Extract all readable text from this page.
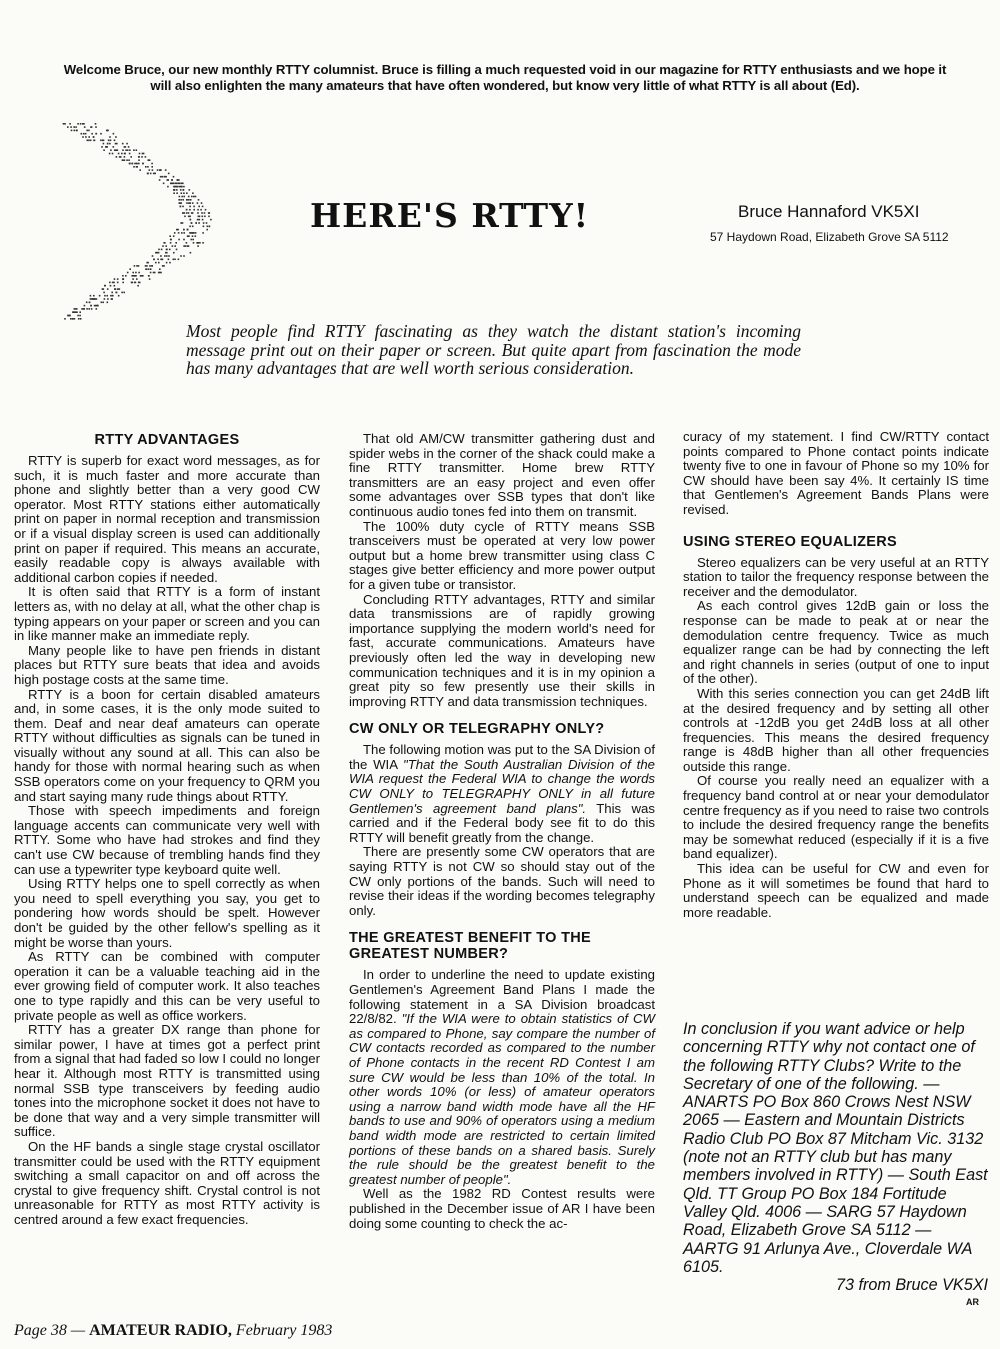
Welcome Bruce, our new monthly RTTY columnist. Bruce is filling a much requested void in our magazine for RTTY enthusiasts and we hope it will also enlighten the many amateurs that have often wondered, but know very little of what RTTY is all about (Ed).
HERE'S RTTY!	Bruce Hannaford VK5XI
57 Haydown Road, Elizabeth Grove SA 5112
Most people find RTTY fascinating as they watch the distant station's incoming message print out on their paper or screen. But quite apart from fascination the mode has many advantages that are well worth serious consideration.
RTTY ADVANTAGES

RTTY is superb for exact word messages, as for such, it is much faster and more accurate than phone and slightly better than a very good CW operator. Most RTTY stations either automatically print on paper in normal reception and transmission or if a visual display screen is used can additionally print on paper if required. This means an accurate, easily readable copy is always available with additional carbon copies if needed.

It is often said that RTTY is a form of instant letters as, with no delay at all, what the other chap is typing appears on your paper or screen and you can in like manner make an immediate reply.

Many people like to have pen friends in distant places but RTTY sure beats that idea and avoids high postage costs at the same time.

RTTY is a boon for certain disabled amateurs and, in some cases, it is the only mode suited to them. Deaf and near deaf amateurs can operate RTTY without difficulties as signals can be tuned in visually without any sound at all. This can also be handy for those with normal hearing such as when SSB operators come on your frequency to QRM you and start saying many rude things about RTTY.

Those with speech impediments and foreign language accents can communicate very well with RTTY. Some who have had strokes and find they can't use CW because of trembling hands find they can use a typewriter type keyboard quite well.

Using RTTY helps one to spell correctly as when you need to spell everything you say, you get to pondering how words should be spelt. However don't be guided by the other fellow's spelling as it might be worse than yours.

As RTTY can be combined with computer operation it can be a valuable teaching aid in the ever growing field of computer work. It also teaches one to type rapidly and this can be very useful to private people as well as office workers.

RTTY has a greater DX range than phone for similar power, I have at times got a perfect print from a signal that had faded so low I could no longer hear it. Although most RTTY is transmitted using normal SSB type transceivers by feeding audio tones into the microphone socket it does not have to be done that way and a very simple transmitter will suffice.

On the HF bands a single stage crystal oscillator transmitter could be used with the RTTY equipment switching a small capacitor on and off across the crystal to give frequency shift. Crystal control is not unreasonable for RTTY as most RTTY activity is centred around a few exact frequencies.

That old AM/CW transmitter gathering dust and spider webs in the corner of the shack could make a fine RTTY transmitter. Home brew RTTY transmitters are an easy project and even offer some advantages over SSB types that don't like continuous audio tones fed into them on transmit.

The 100% duty cycle of RTTY means SSB transceivers must be operated at very low power output but a home brew transmitter using class C stages give better efficiency and more power output for a given tube or transistor.

Concluding RTTY advantages, RTTY and similar data transmissions are of rapidly growing importance supplying the modern world's need for fast, accurate communications. Amateurs have previously often led the way in developing new communication techniques and it is in my opinion a great pity so few presently use their skills in improving RTTY and data transmission techniques.

CW ONLY OR TELEGRAPHY ONLY?

The following motion was put to the SA Division of the WIA "That the South Australian Division of the WIA request the Federal WIA to change the words CW ONLY to TELEGRAPHY ONLY in all future Gentlemen's agreement band plans". This was carried and if the Federal body see fit to do this RTTY will benefit greatly from the change.

There are presently some CW operators that are saying RTTY is not CW so should stay out of the CW only portions of the bands. Such will need to revise their ideas if the wording becomes telegraphy only.

THE GREATEST BENEFIT TO THE GREATEST NUMBER?

In order to underline the need to update existing Gentlemen's Agreement Band Plans I made the following statement in a SA Division broadcast 22/8/82. "If the WIA were to obtain statistics of CW as compared to Phone, say compare the number of CW contacts recorded as compared to the number of Phone contacts in the recent RD Contest I am sure CW would be less than 10% of the total. In other words 10% (or less) of amateur operators using a narrow band width mode have all the HF bands to use and 90% of operators using a medium band width mode are restricted to certain limited portions of these bands on a shared basis. Surely the rule should be the greatest benefit to the greatest number of people".

Well as the 1982 RD Contest results were published in the December issue of AR I have been doing some counting to check the ac-

curacy of my statement. I find CW/RTTY contact points compared to Phone contact points indicate twenty five to one in favour of Phone so my 10% for CW should have been say 4%. It certainly IS time that Gentlemen's Agreement Bands Plans were revised.

USING STEREO EQUALIZERS

Stereo equalizers can be very useful at an RTTY station to tailor the frequency response between the receiver and the demodulator.

As each control gives 12dB gain or loss the response can be made to peak at or near the demodulation centre frequency. Twice as much equalizer range can be had by connecting the left and right channels in series (output of one to input of the other).

With this series connection you can get 24dB lift at the desired frequency and by setting all other controls at -12dB you get 24dB loss at all other frequencies. This means the desired frequency range is 48dB higher than all other frequencies outside this range.

Of course you really need an equalizer with a frequency band control at or near your demodulator centre frequency as if you need to raise two controls to include the desired frequency range the benefits may be somewhat reduced (especially if it is a five band equalizer).

This idea can be useful for CW and even for Phone as it will sometimes be found that hard to understand speech can be equalized and made more readable.

In conclusion if you want advice or help concerning RTTY why not contact one of the following RTTY Clubs? Write to the Secretary of one of the following. — ANARTS PO Box 860 Crows Nest NSW 2065 — Eastern and Mountain Districts Radio Club PO Box 87 Mitcham Vic. 3132 (note not an RTTY club but has many members involved in RTTY) — South East Qld. TT Group PO Box 184 Fortitude Valley Qld. 4006 — SARG 57 Haydown Road, Elizabeth Grove SA 5112 — AARTG 91 Arlunya Ave., Cloverdale WA 6105.
73 from Bruce VK5XI
Page 38 — AMATEUR RADIO, February 1983
AR
